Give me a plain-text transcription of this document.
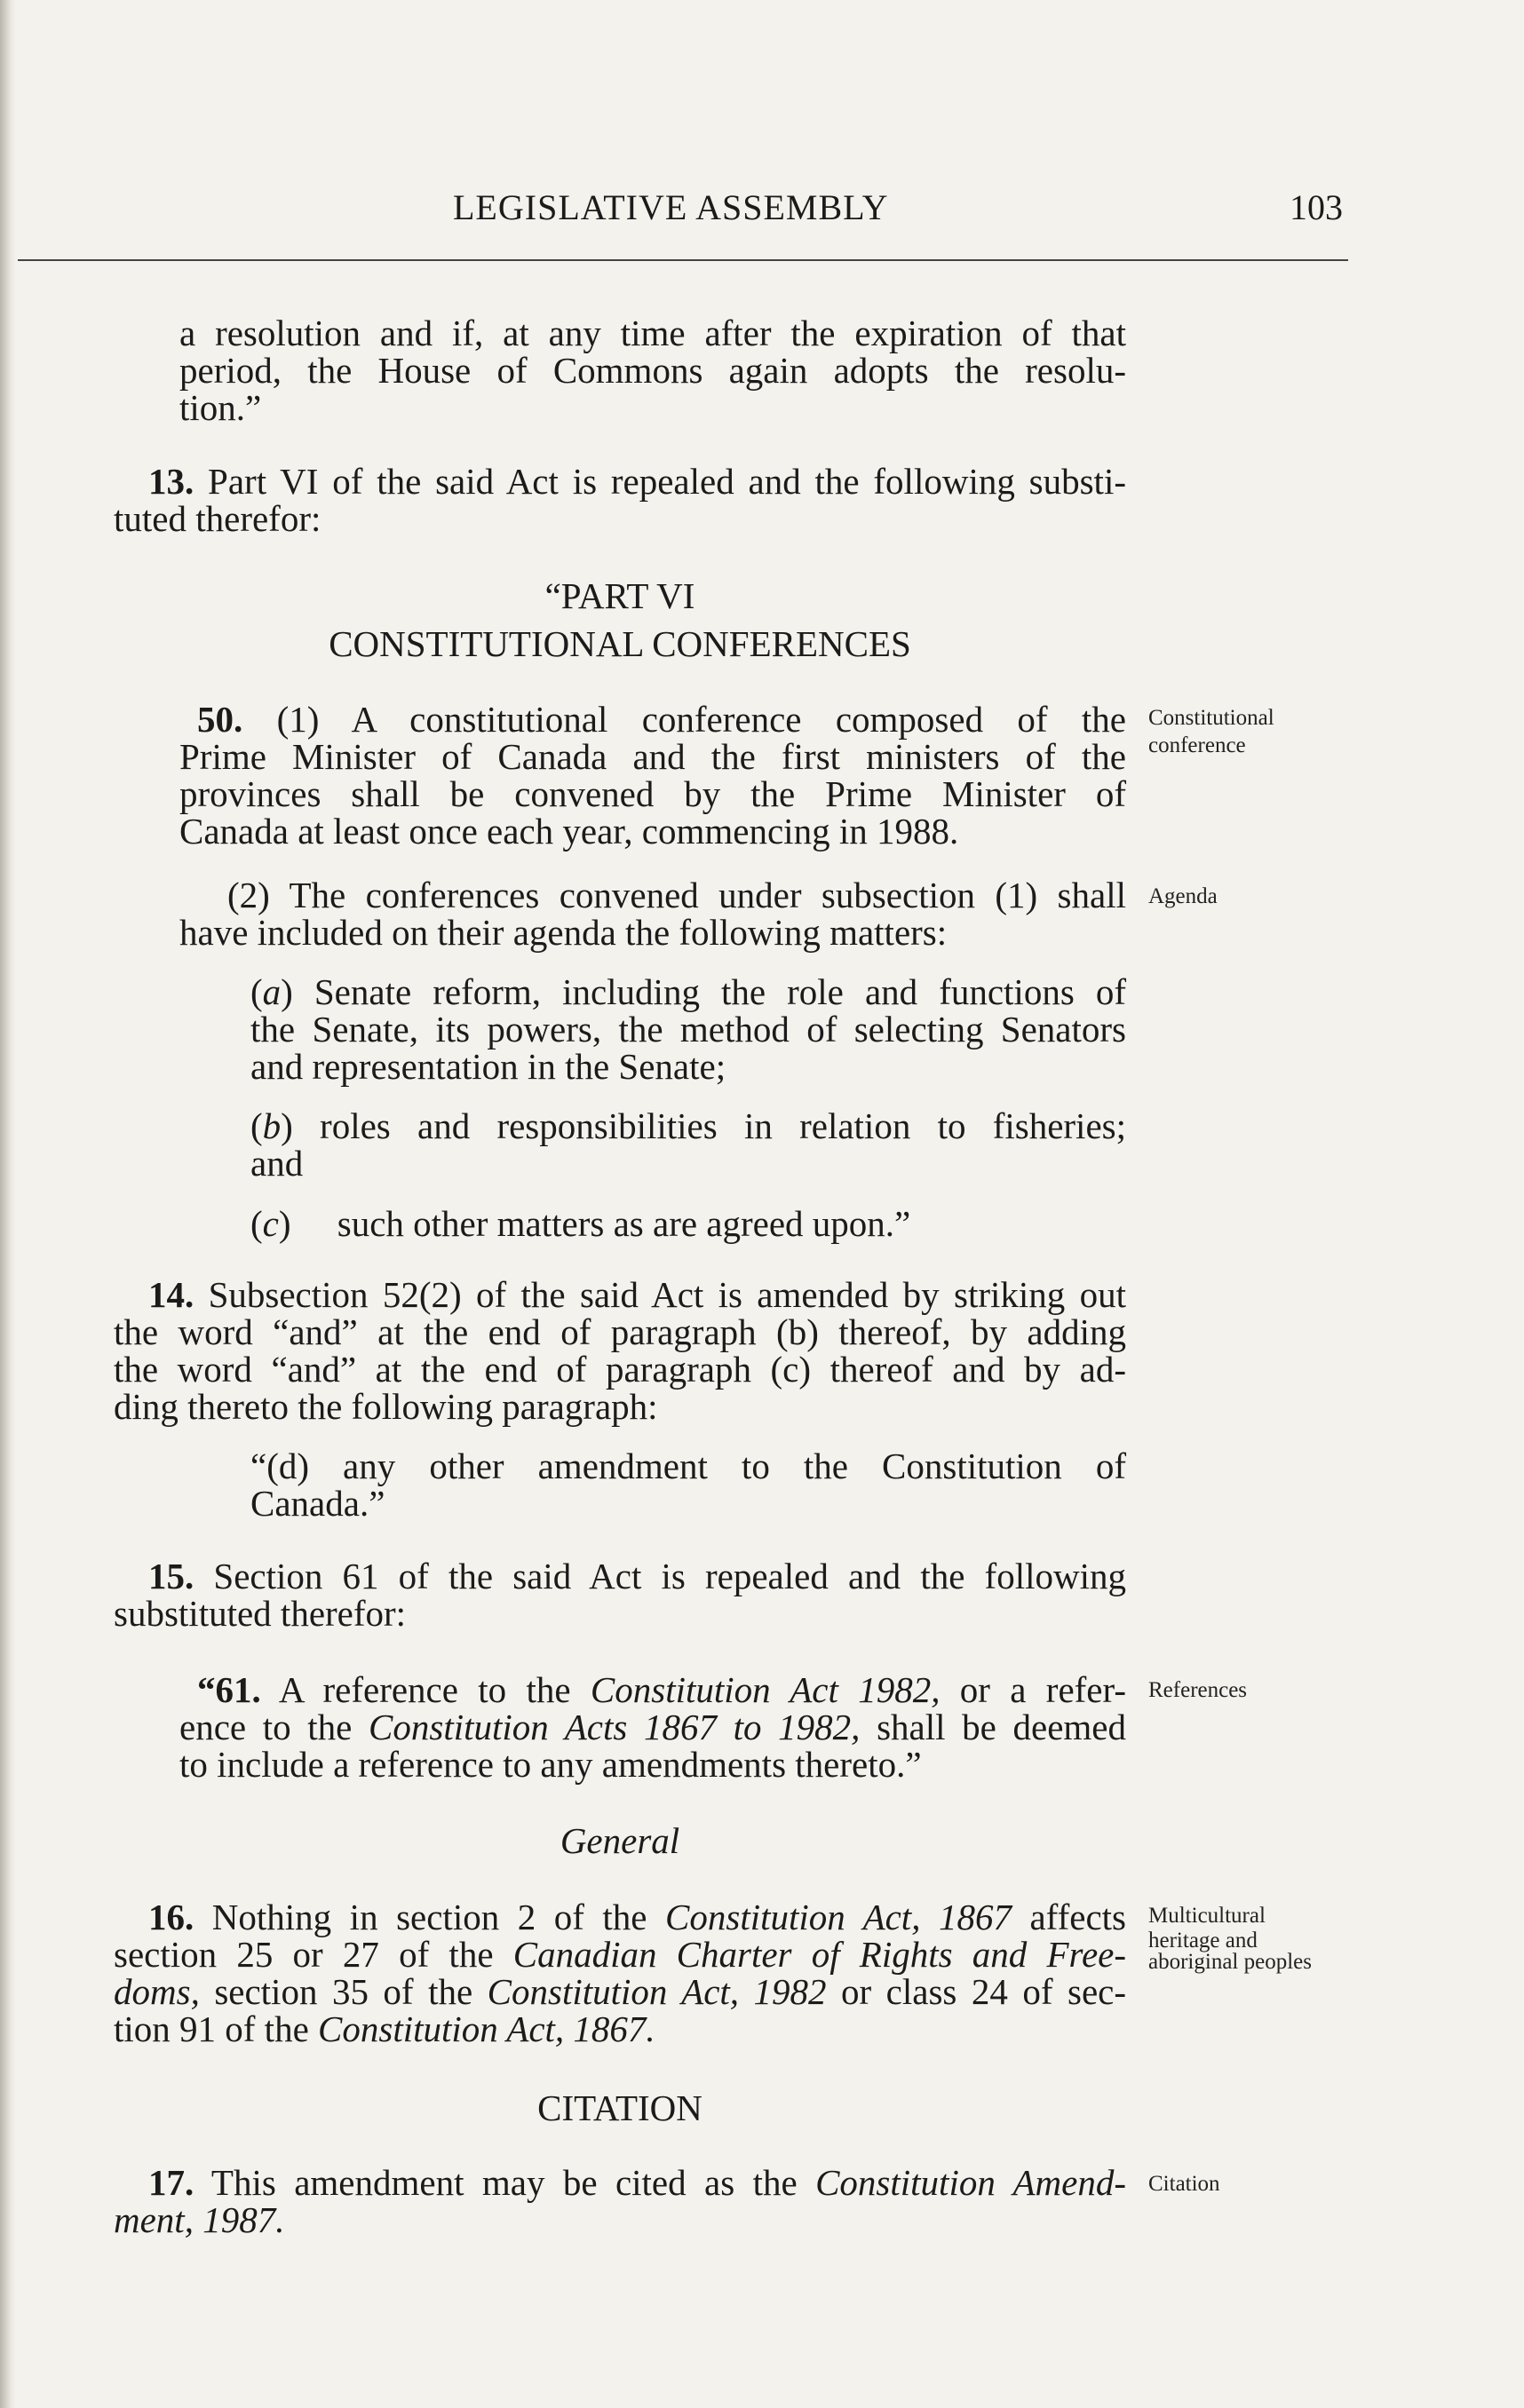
LEGISLATIVE ASSEMBLY	103
a resolution and if, at any time after the expiration of that
period, the House of Commons again adopts the resolu-
tion.”
13. Part VI of the said Act is repealed and the following substi-
tuted therefor:
“PART VI
CONSTITUTIONAL CONFERENCES
50. (1) A constitutional conference composed of the
Prime Minister of Canada and the first ministers of the
provinces shall be convened by the Prime Minister of
Canada at least once each year, commencing in 1988.
Constitutional
conference
(2) The conferences convened under subsection (1) shall
have included on their agenda the following matters:
Agenda
(a) Senate reform, including the role and functions of
the Senate, its powers, the method of selecting Senators
and representation in the Senate;
(b) roles and responsibilities in relation to fisheries;
and
(c) such other matters as are agreed upon.”
14. Subsection 52(2) of the said Act is amended by striking out
the word “and” at the end of paragraph (b) thereof, by adding
the word “and” at the end of paragraph (c) thereof and by ad-
ding thereto the following paragraph:
“(d) any other amendment to the Constitution of
Canada.”
15. Section 61 of the said Act is repealed and the following
substituted therefor:
“61. A reference to the Constitution Act 1982, or a refer-
ence to the Constitution Acts 1867 to 1982, shall be deemed
to include a reference to any amendments thereto.”
References
General
16. Nothing in section 2 of the Constitution Act, 1867 affects
section 25 or 27 of the Canadian Charter of Rights and Free-
doms, section 35 of the Constitution Act, 1982 or class 24 of sec-
tion 91 of the Constitution Act, 1867.
Multicultural
heritage and
aboriginal peoples
CITATION
17. This amendment may be cited as the Constitution Amend-
ment, 1987.
Citation
